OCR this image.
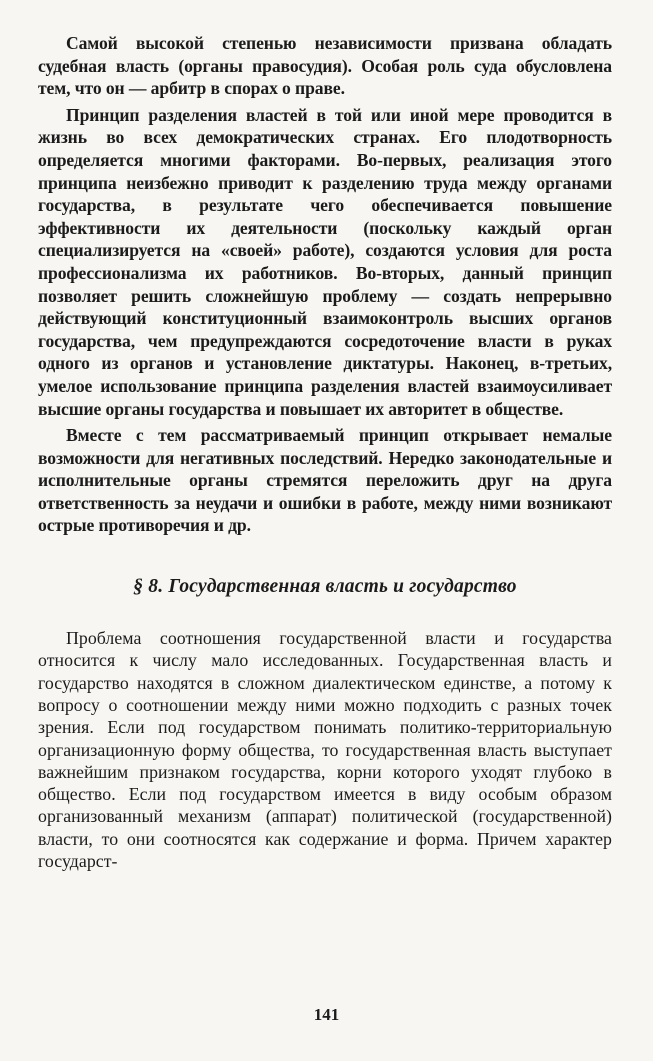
Самой высокой степенью независимости призвана обладать судебная власть (органы правосудия). Особая роль суда обусловлена тем, что он — арбитр в спорах о праве.

Принцип разделения властей в той или иной мере проводится в жизнь во всех демократических странах. Его плодотворность определяется многими факторами. Во-первых, реализация этого принципа неизбежно приводит к разделению труда между органами государства, в результате чего обеспечивается повышение эффективности их деятельности (поскольку каждый орган специализируется на «своей» работе), создаются условия для роста профессионализма их работников. Во-вторых, данный принцип позволяет решить сложнейшую проблему — создать непрерывно действующий конституционный взаимоконтроль высших органов государства, чем предупреждаются сосредоточение власти в руках одного из органов и установление диктатуры. Наконец, в-третьих, умелое использование принципа разделения властей взаимоусиливает высшие органы государства и повышает их авторитет в обществе.

Вместе с тем рассматриваемый принцип открывает немалые возможности для негативных последствий. Нередко законодательные и исполнительные органы стремятся переложить друг на друга ответственность за неудачи и ошибки в работе, между ними возникают острые противоречия и др.

§ 8. Государственная власть и государство

Проблема соотношения государственной власти и государства относится к числу мало исследованных. Государственная власть и государство находятся в сложном диалектическом единстве, а потому к вопросу о соотношении между ними можно подходить с разных точек зрения. Если под государством понимать политико-территориальную организационную форму общества, то государственная власть выступает важнейшим признаком государства, корни которого уходят глубоко в общество. Если под государством имеется в виду особым образом организованный механизм (аппарат) политической (государственной) власти, то они соотносятся как содержание и форма. Причем характер государст-

141
